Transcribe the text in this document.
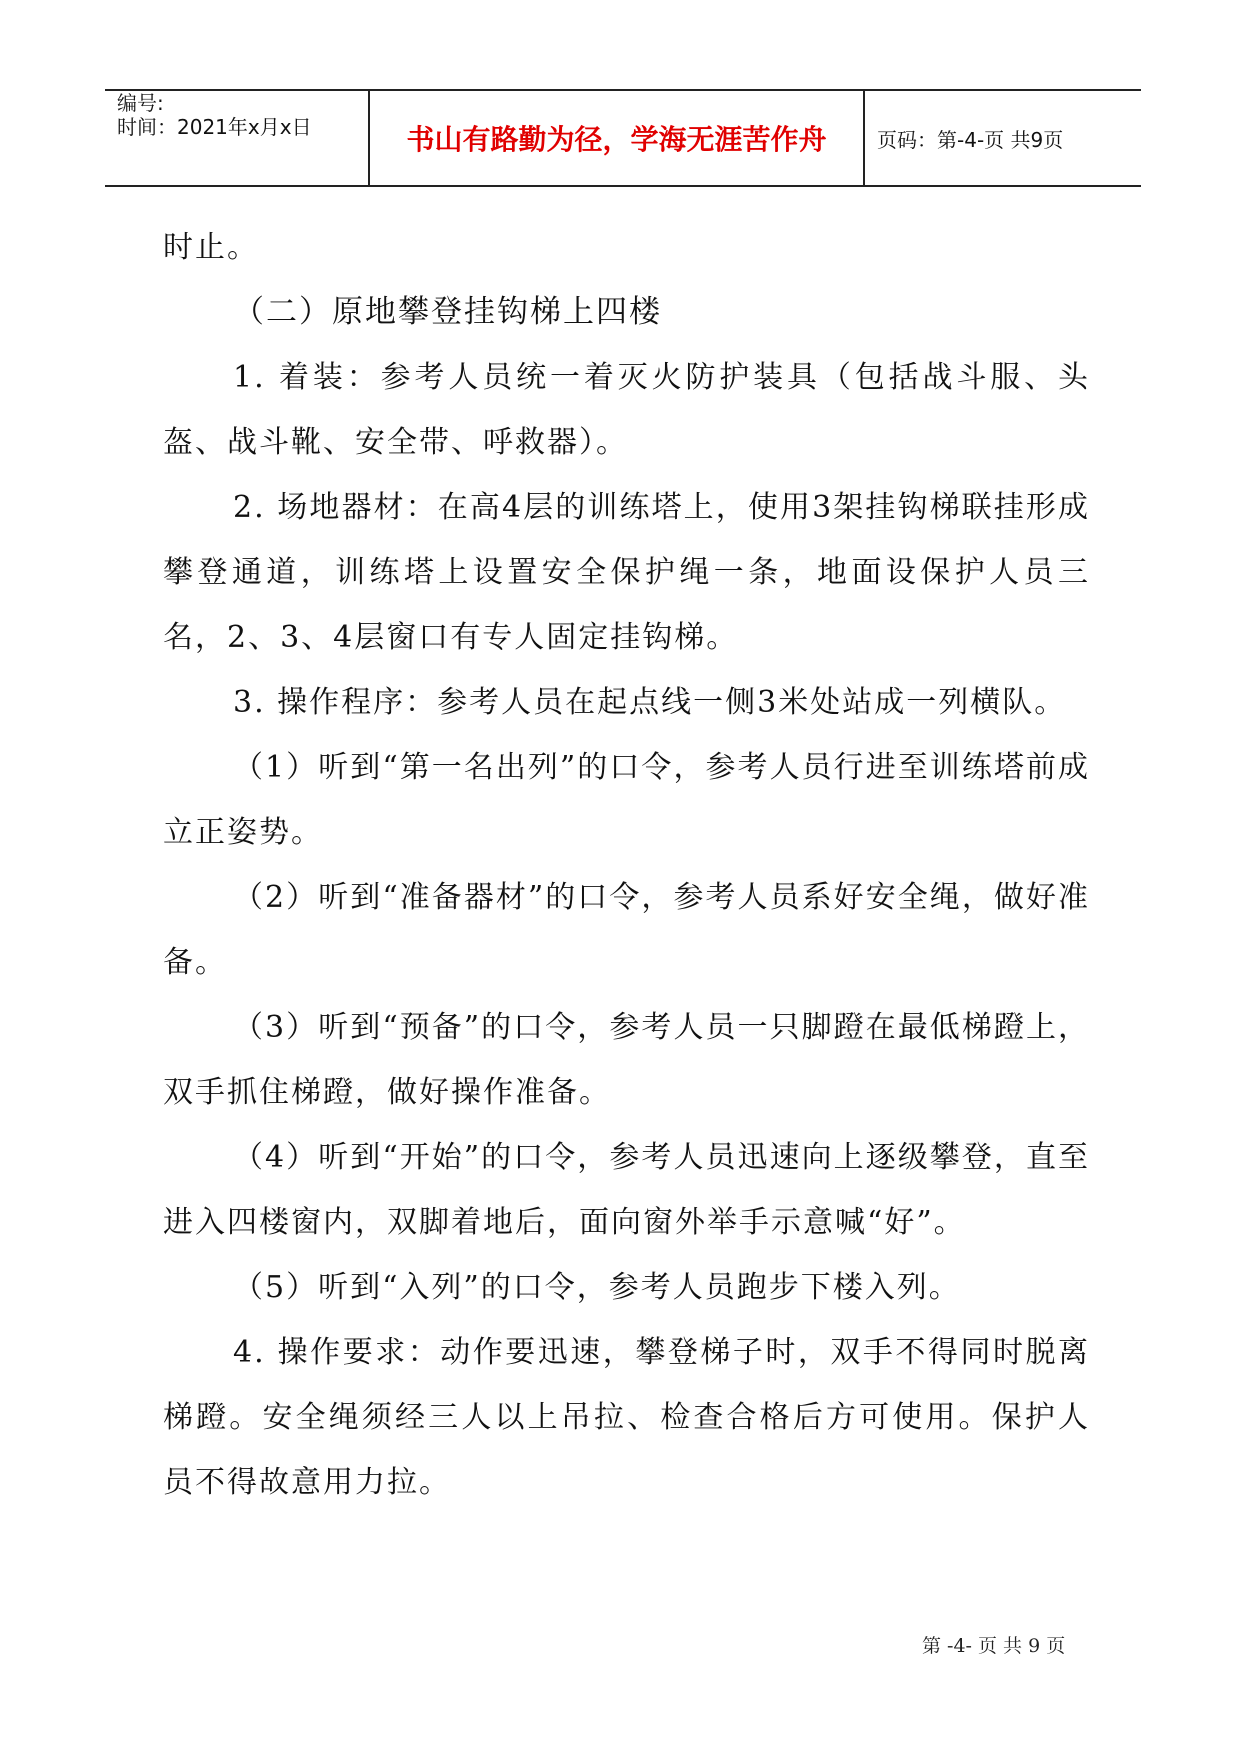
编号:
时间：2021年x月x日	书山有路勤为径，学海无涯苦作舟	页码：第-4-页 共9页

时止。

（二）原地攀登挂钩梯上四楼

1. 着装：参考人员统一着灭火防护装具（包括战斗服、头盔、战斗靴、安全带、呼救器）。

2. 场地器材：在高4层的训练塔上，使用3架挂钩梯联挂形成攀登通道，训练塔上设置安全保护绳一条，地面设保护人员三名，2、3、4层窗口有专人固定挂钩梯。

3. 操作程序：参考人员在起点线一侧3米处站成一列横队。

（1）听到“第一名出列”的口令，参考人员行进至训练塔前成立正姿势。

（2）听到“准备器材”的口令，参考人员系好安全绳，做好准备。

（3）听到“预备”的口令，参考人员一只脚蹬在最低梯蹬上，双手抓住梯蹬，做好操作准备。

（4）听到“开始”的口令，参考人员迅速向上逐级攀登，直至进入四楼窗内，双脚着地后，面向窗外举手示意喊“好”。

（5）听到“入列”的口令，参考人员跑步下楼入列。

4. 操作要求：动作要迅速，攀登梯子时，双手不得同时脱离梯蹬。安全绳须经三人以上吊拉、检查合格后方可使用。保护人员不得故意用力拉。

第 -4- 页 共 9 页
